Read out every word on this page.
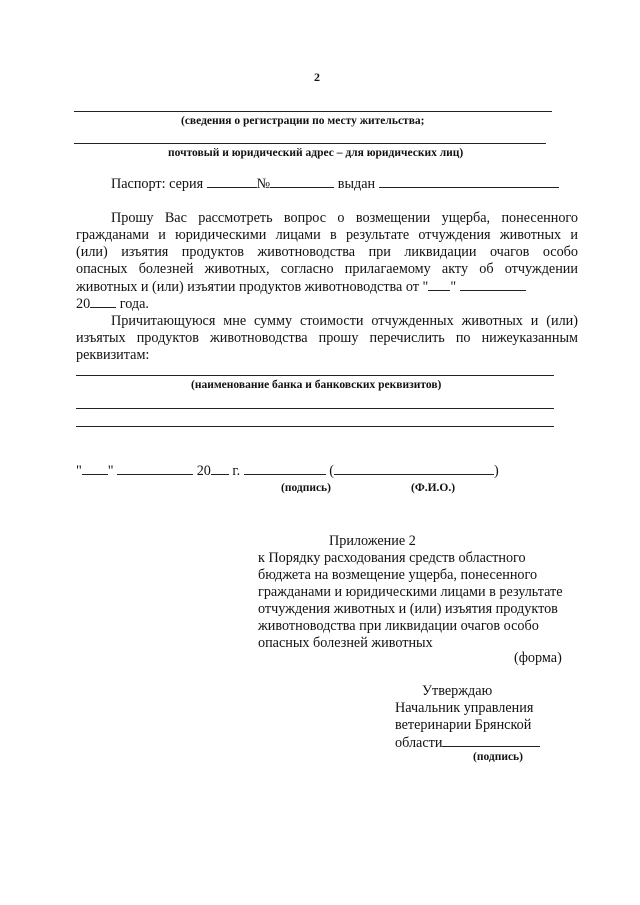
2
(сведения о регистрации по месту жительства;
почтовый и юридический адрес – для юридических лиц)
Паспорт: серия	№	выдан
Прошу Вас рассмотреть вопрос о возмещении ущерба, понесенного
гражданами и юридическими лицами в результате отчуждения животных и
(или) изъятия продуктов животноводства при ликвидации очагов особо
опасных болезней животных, согласно прилагаемому акту об отчуждении
животных и (или) изъятии продуктов животноводства от " "
20 года.
Причитающуюся мне сумму стоимости отчужденных животных и (или)
изъятых продуктов животноводства прошу перечислить по нижеуказанным
реквизитам:
(наименование банка и банковских реквизитов)
" "	20 г.	(	)
(подпись)	(Ф.И.О.)
Приложение 2
к Порядку расходования средств областного
бюджета на возмещение ущерба, понесенного
гражданами и юридическими лицами в результате
отчуждения животных и (или) изъятия продуктов
животноводства при ликвидации очагов особо
опасных болезней животных
(форма)
Утверждаю
Начальник управления
ветеринарии Брянской
области
(подпись)
